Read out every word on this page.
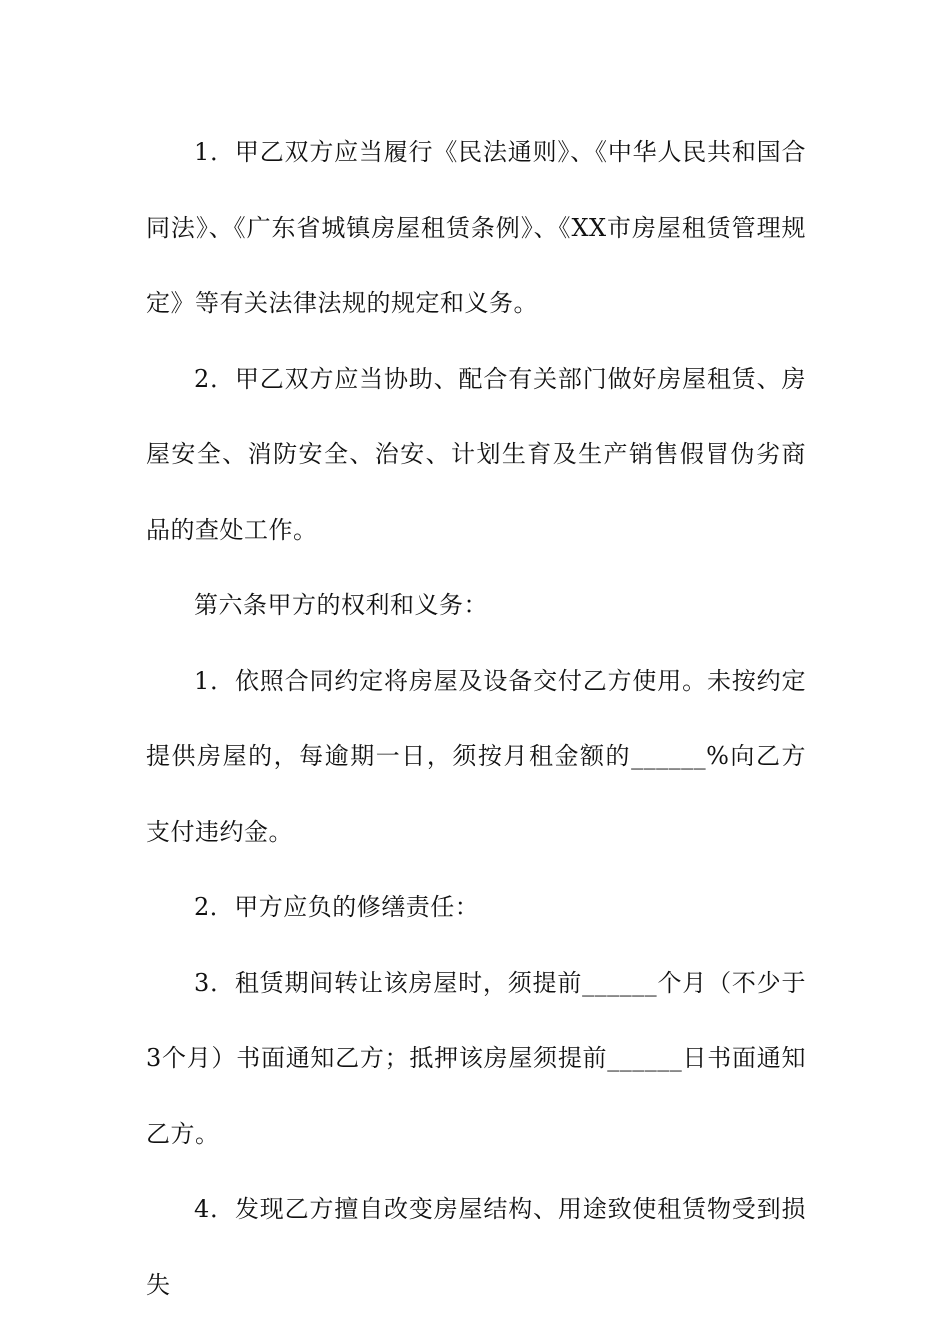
1．甲乙双方应当履行《民法通则》、《中华人民共和国合同法》、《广东省城镇房屋租赁条例》、《XX市房屋租赁管理规定》等有关法律法规的规定和义务。

2．甲乙双方应当协助、配合有关部门做好房屋租赁、房屋安全、消防安全、治安、计划生育及生产销售假冒伪劣商品的查处工作。

第六条甲方的权利和义务：

1．依照合同约定将房屋及设备交付乙方使用。未按约定提供房屋的，每逾期一日，须按月租金额的______%向乙方支付违约金。

2．甲方应负的修缮责任：

3．租赁期间转让该房屋时，须提前______个月（不少于3个月）书面通知乙方；抵押该房屋须提前______日书面通知乙方。

4．发现乙方擅自改变房屋结构、用途致使租赁物受到损失
